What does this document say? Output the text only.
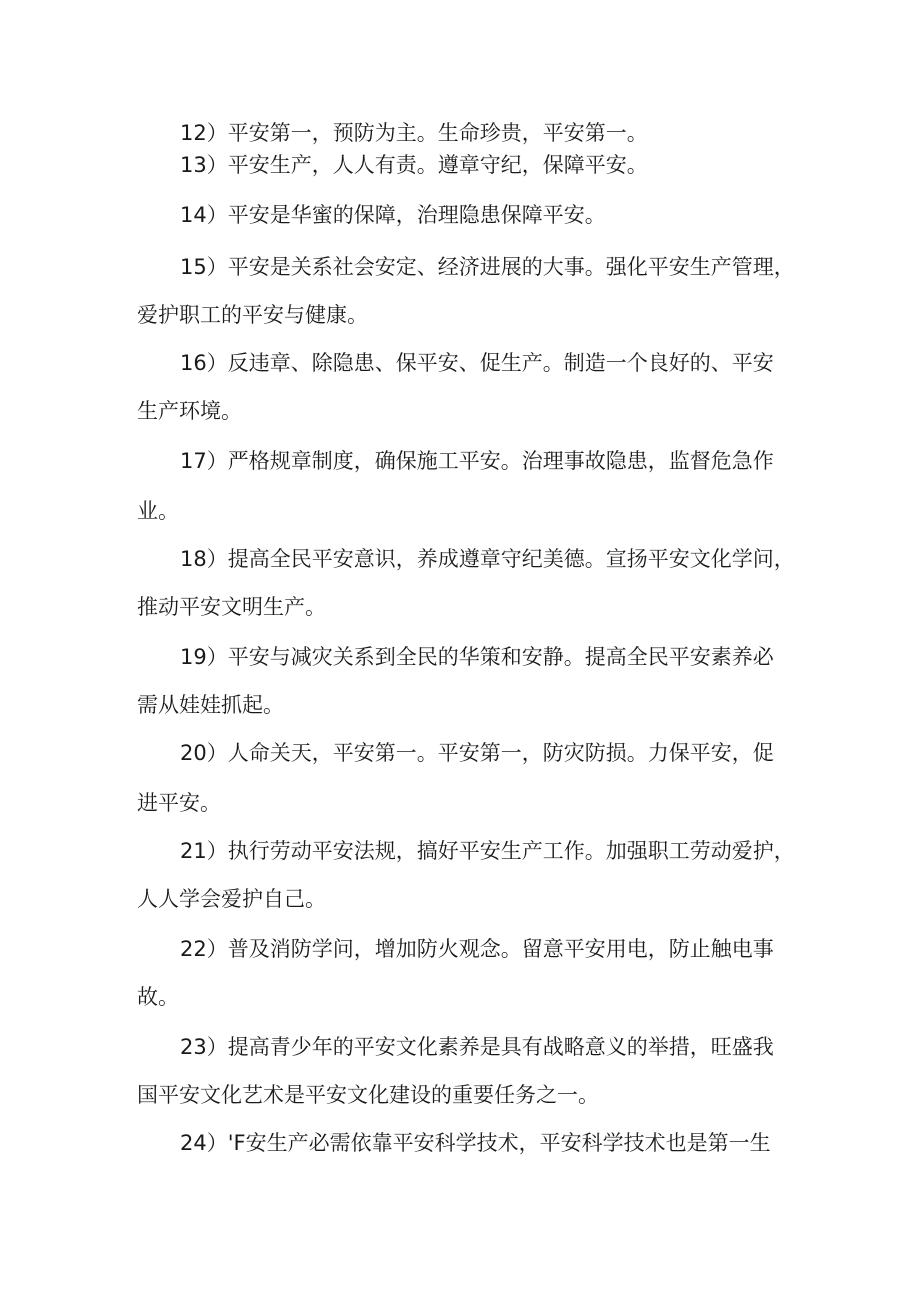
12）平安第一，预防为主。生命珍贵，平安第一。
13）平安生产，人人有责。遵章守纪，保障平安。
14）平安是华蜜的保障，治理隐患保障平安。
15）平安是关系社会安定、经济进展的大事。强化平安生产管理，
爱护职工的平安与健康。
16）反违章、除隐患、保平安、促生产。制造一个良好的、平安
生产环境。
17）严格规章制度，确保施工平安。治理事故隐患，监督危急作
业。
18）提高全民平安意识，养成遵章守纪美德。宣扬平安文化学问，
推动平安文明生产。
19）平安与减灾关系到全民的华策和安静。提高全民平安素养必
需从娃娃抓起。
20）人命关天，平安第一。平安第一，防灾防损。力保平安，促
进平安。
21）执行劳动平安法规，搞好平安生产工作。加强职工劳动爱护，
人人学会爱护自己。
22）普及消防学问，增加防火观念。留意平安用电，防止触电事
故。
23）提高青少年的平安文化素养是具有战略意义的举措，旺盛我
国平安文化艺术是平安文化建设的重要任务之一。
24）'F安生产必需依靠平安科学技术，平安科学技术也是第一生
